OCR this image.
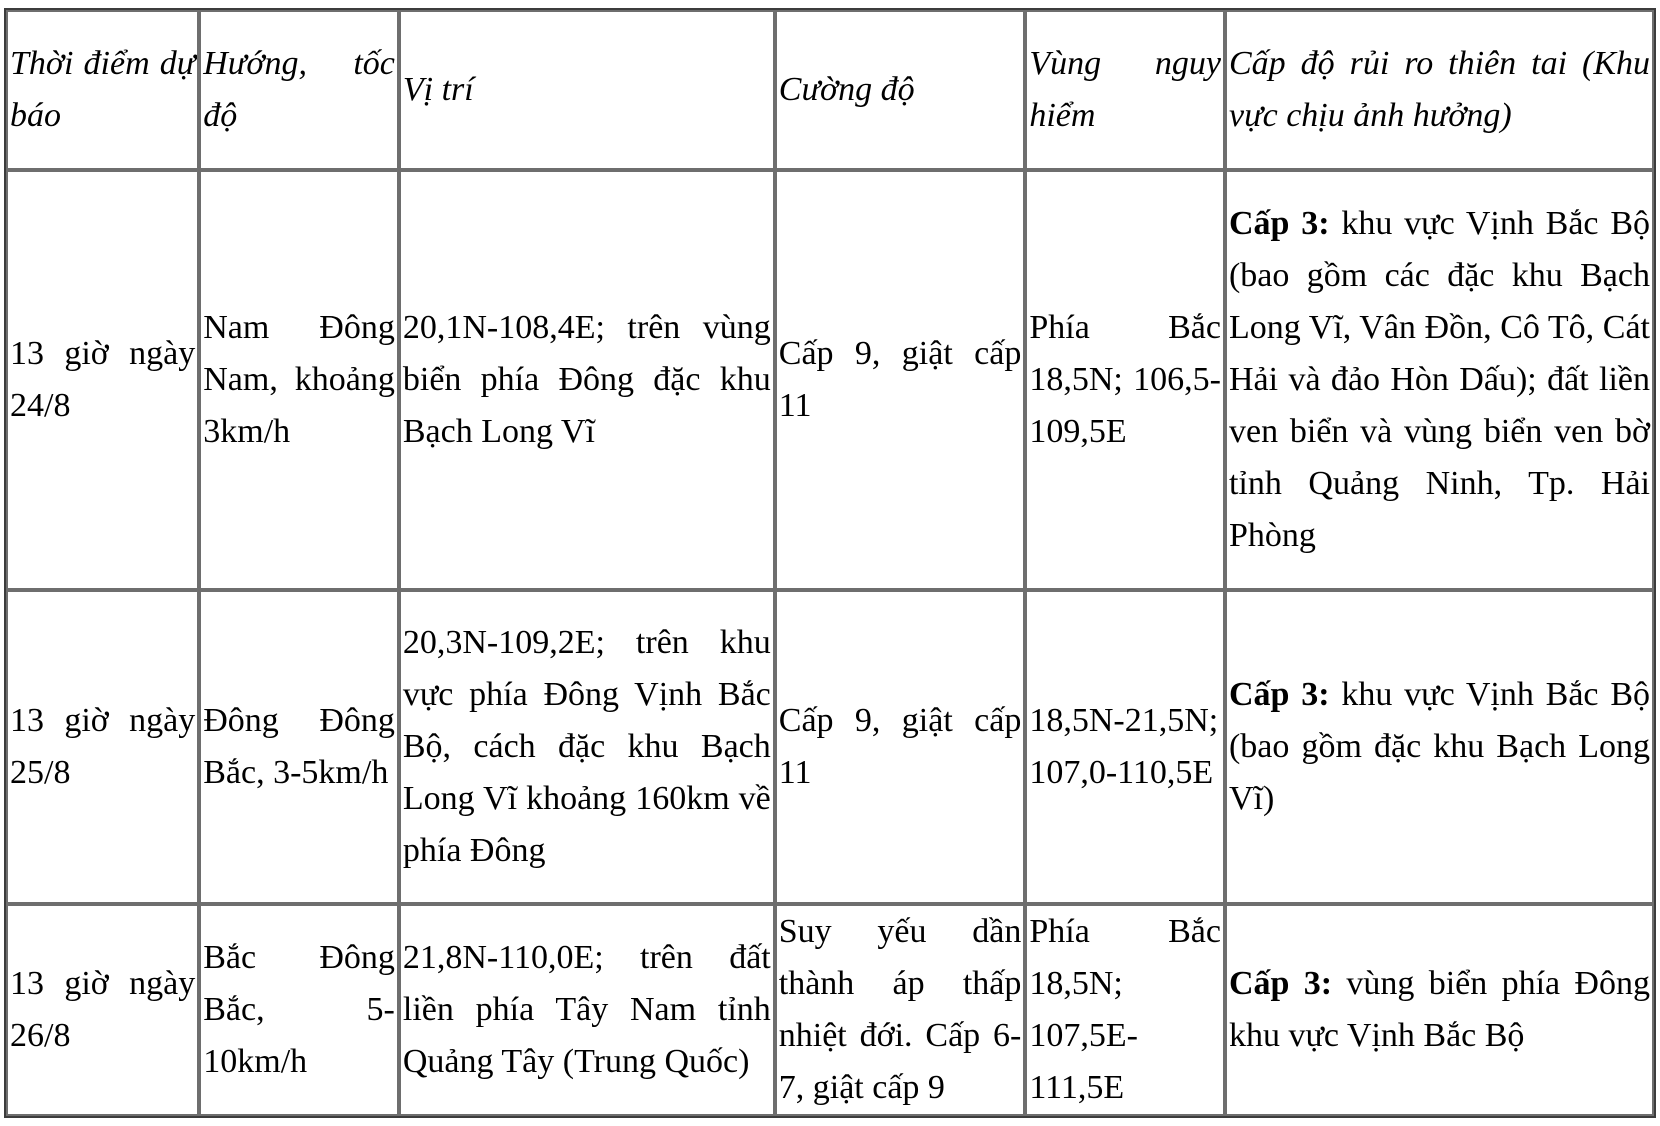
Thời điểm dự báo	Hướng, tốc độ	Vị trí	Cường độ	Vùng nguy hiểm	Cấp độ rủi ro thiên tai (Khu vực chịu ảnh hưởng)
13 giờ ngày 24/8	Nam Đông Nam, khoảng 3km/h	20,1N-108,4E; trên vùng biển phía Đông đặc khu Bạch Long Vĩ	Cấp 9, giật cấp 11	Phía Bắc 18,5N; 106,5-109,5E	Cấp 3: khu vực Vịnh Bắc Bộ (bao gồm các đặc khu Bạch Long Vĩ, Vân Đồn, Cô Tô, Cát Hải và đảo Hòn Dấu); đất liền ven biển và vùng biển ven bờ tỉnh Quảng Ninh, Tp. Hải Phòng
13 giờ ngày 25/8	Đông Đông Bắc, 3-5km/h	20,3N-109,2E; trên khu vực phía Đông Vịnh Bắc Bộ, cách đặc khu Bạch Long Vĩ khoảng 160km về phía Đông	Cấp 9, giật cấp 11	18,5N-21,5N; 107,0-110,5E	Cấp 3: khu vực Vịnh Bắc Bộ (bao gồm đặc khu Bạch Long Vĩ)
13 giờ ngày 26/8	Bắc Đông Bắc, 5-10km/h	21,8N-110,0E; trên đất liền phía Tây Nam tỉnh Quảng Tây (Trung Quốc)	Suy yếu dần thành áp thấp nhiệt đới. Cấp 6-7, giật cấp 9	Phía Bắc 18,5N; 107,5E-111,5E	Cấp 3: vùng biển phía Đông khu vực Vịnh Bắc Bộ
